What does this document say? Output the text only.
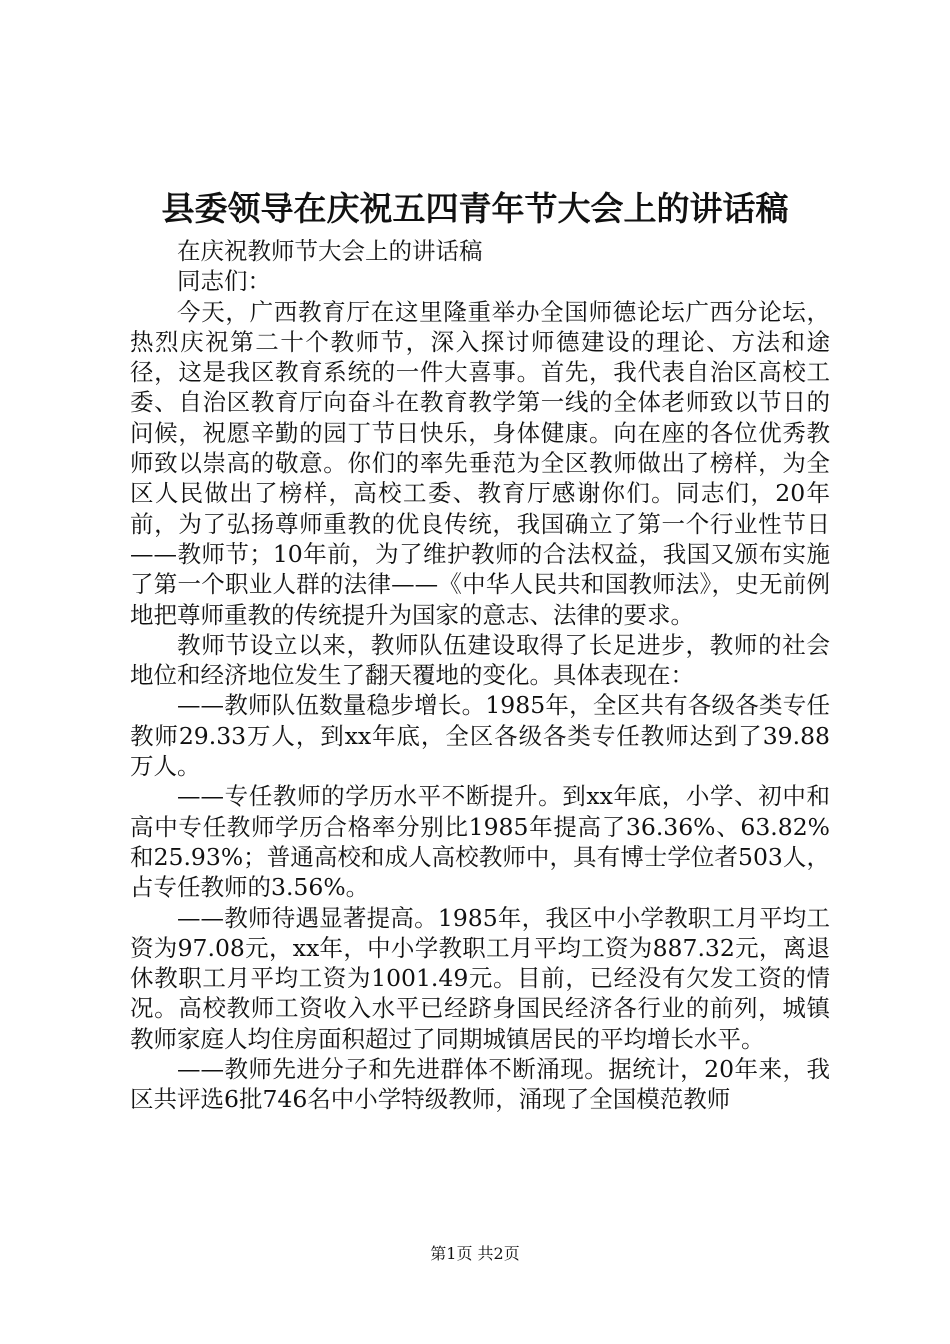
县委领导在庆祝五四青年节大会上的讲话稿

在庆祝教师节大会上的讲话稿

同志们：

今天，广西教育厅在这里隆重举办全国师德论坛广西分论坛，热烈庆祝第二十个教师节，深入探讨师德建设的理论、方法和途径，这是我区教育系统的一件大喜事。首先，我代表自治区高校工委、自治区教育厅向奋斗在教育教学第一线的全体老师致以节日的问候，祝愿辛勤的园丁节日快乐，身体健康。向在座的各位优秀教师致以崇高的敬意。你们的率先垂范为全区教师做出了榜样，为全区人民做出了榜样，高校工委、教育厅感谢你们。同志们，20年前，为了弘扬尊师重教的优良传统，我国确立了第一个行业性节日——教师节；10年前，为了维护教师的合法权益，我国又颁布实施了第一个职业人群的法律——《中华人民共和国教师法》，史无前例地把尊师重教的传统提升为国家的意志、法律的要求。

教师节设立以来，教师队伍建设取得了长足进步，教师的社会地位和经济地位发生了翻天覆地的变化。具体表现在：

——教师队伍数量稳步增长。1985年，全区共有各级各类专任教师29.33万人，到xx年底，全区各级各类专任教师达到了39.88万人。

——专任教师的学历水平不断提升。到xx年底，小学、初中和高中专任教师学历合格率分别比1985年提高了36.36%、63.82%和25.93%；普通高校和成人高校教师中，具有博士学位者503人，占专任教师的3.56%。

——教师待遇显著提高。1985年，我区中小学教职工月平均工资为97.08元，xx年，中小学教职工月平均工资为887.32元，离退休教职工月平均工资为1001.49元。目前，已经没有欠发工资的情况。高校教师工资收入水平已经跻身国民经济各行业的前列，城镇教师家庭人均住房面积超过了同期城镇居民的平均增长水平。

——教师先进分子和先进群体不断涌现。据统计，20年来，我区共评选6批746名中小学特级教师，涌现了全国模范教师

第1页 共2页
